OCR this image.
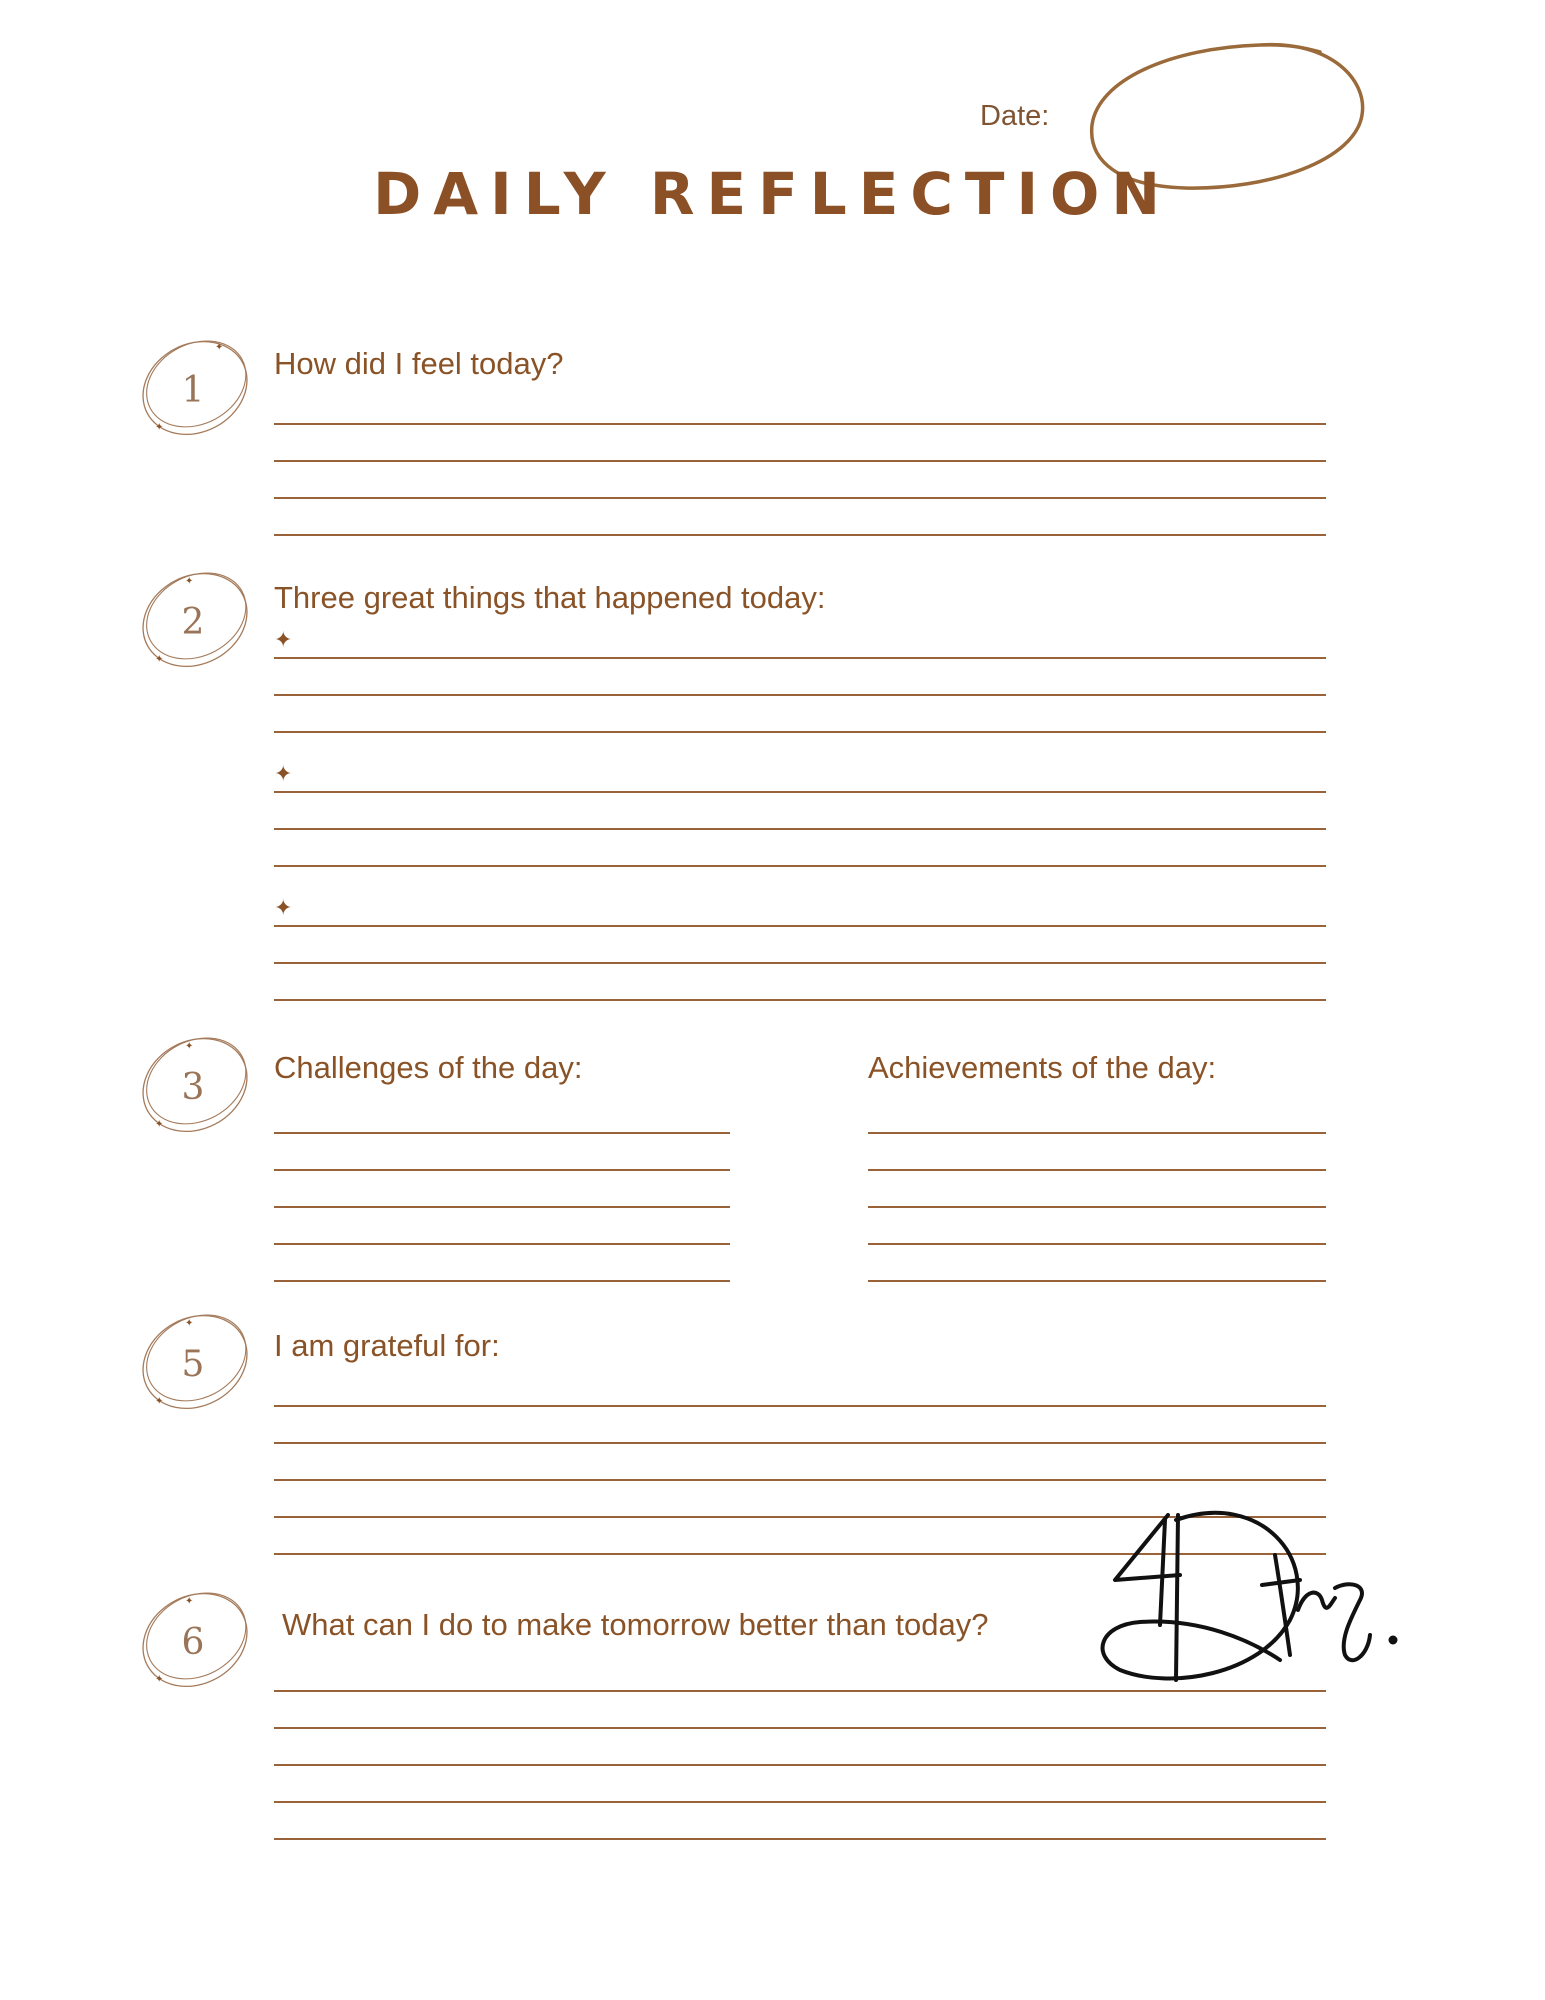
Date:
DAILY REFLECTION
1
✦
✦
2
✦
✦
3
✦
✦
5
✦
✦
6
✦
✦
How did I feel today?
Three great things that happened today:
✦
✦
✦
Challenges of the day:	Achievements of the day:
I am grateful for:
What can I do to make tomorrow better than today?
